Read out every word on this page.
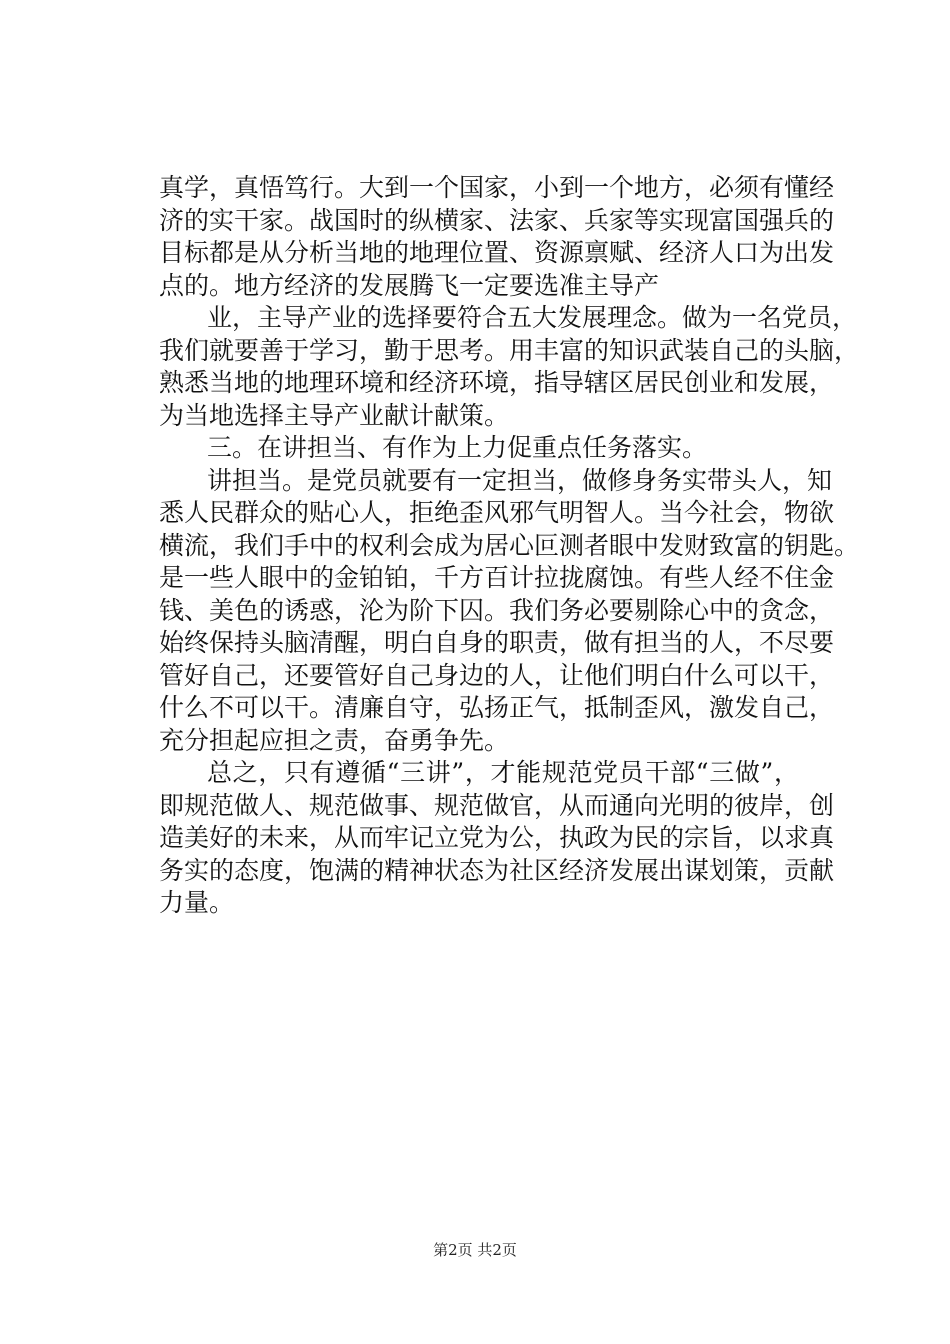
真学，真悟笃行。大到一个国家，小到一个地方，必须有懂经
济的实干家。战国时的纵横家、法家、兵家等实现富国强兵的
目标都是从分析当地的地理位置、资源禀赋、经济人口为出发
点的。地方经济的发展腾飞一定要选准主导产
业，主导产业的选择要符合五大发展理念。做为一名党员，
我们就要善于学习，勤于思考。用丰富的知识武装自己的头脑，
熟悉当地的地理环境和经济环境，指导辖区居民创业和发展，
为当地选择主导产业献计献策。
三。在讲担当、有作为上力促重点任务落实。
讲担当。是党员就要有一定担当，做修身务实带头人，知
悉人民群众的贴心人，拒绝歪风邪气明智人。当今社会，物欲
横流，我们手中的权利会成为居心叵测者眼中发财致富的钥匙。
是一些人眼中的金铂铂，千方百计拉拢腐蚀。有些人经不住金
钱、美色的诱惑，沦为阶下囚。我们务必要剔除心中的贪念，
始终保持头脑清醒，明白自身的职责，做有担当的人，不尽要
管好自己，还要管好自己身边的人，让他们明白什么可以干，
什么不可以干。清廉自守，弘扬正气，抵制歪风，激发自己，
充分担起应担之责，奋勇争先。
总之，只有遵循“三讲”，才能规范党员干部“三做”，
即规范做人、规范做事、规范做官，从而通向光明的彼岸，创
造美好的未来，从而牢记立党为公，执政为民的宗旨，以求真
务实的态度，饱满的精神状态为社区经济发展出谋划策，贡献
力量。
第2页 共2页
